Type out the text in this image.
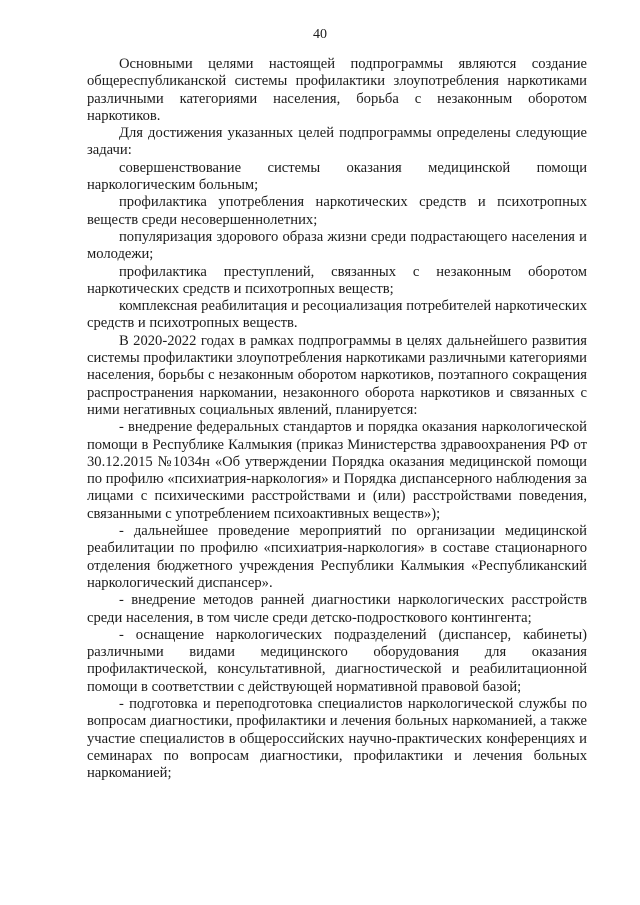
40

Основными целями настоящей подпрограммы являются создание общереспубликанской системы профилактики злоупотребления наркотиками различными категориями населения, борьба с незаконным оборотом наркотиков.

Для достижения указанных целей подпрограммы определены следующие задачи:

совершенствование системы оказания медицинской помощи наркологическим больным;

профилактика употребления наркотических средств и психотропных веществ среди несовершеннолетних;

популяризация здорового образа жизни среди подрастающего населения и молодежи;

профилактика преступлений, связанных с незаконным оборотом наркотических средств и психотропных веществ;

комплексная реабилитация и ресоциализация потребителей наркотических средств и психотропных веществ.

В 2020-2022 годах в рамках подпрограммы в целях дальнейшего развития системы профилактики злоупотребления наркотиками различными категориями населения, борьбы с незаконным оборотом наркотиков, поэтапного сокращения распространения наркомании, незаконного оборота наркотиков и связанных с ними негативных социальных явлений, планируется:

- внедрение федеральных стандартов и порядка оказания наркологической помощи в Республике Калмыкия (приказ Министерства здравоохранения РФ от 30.12.2015 №1034н «Об утверждении Порядка оказания медицинской помощи по профилю «психиатрия-наркология» и Порядка диспансерного наблюдения за лицами с психическими расстройствами и (или) расстройствами поведения, связанными с употреблением психоактивных веществ»);

- дальнейшее проведение мероприятий по организации медицинской реабилитации по профилю «психиатрия-наркология» в составе стационарного отделения бюджетного учреждения Республики Калмыкия «Республиканский наркологический диспансер».

- внедрение методов ранней диагностики наркологических расстройств среди населения, в том числе среди детско-подросткового контингента;

- оснащение наркологических подразделений (диспансер, кабинеты) различными видами медицинского оборудования для оказания профилактической, консультативной, диагностической и реабилитационной помощи в соответствии с действующей нормативной правовой базой;

- подготовка и переподготовка специалистов наркологической службы по вопросам диагностики, профилактики и лечения больных наркоманией, а также участие специалистов в общероссийских научно-практических конференциях и семинарах по вопросам диагностики, профилактики и лечения больных наркоманией;
